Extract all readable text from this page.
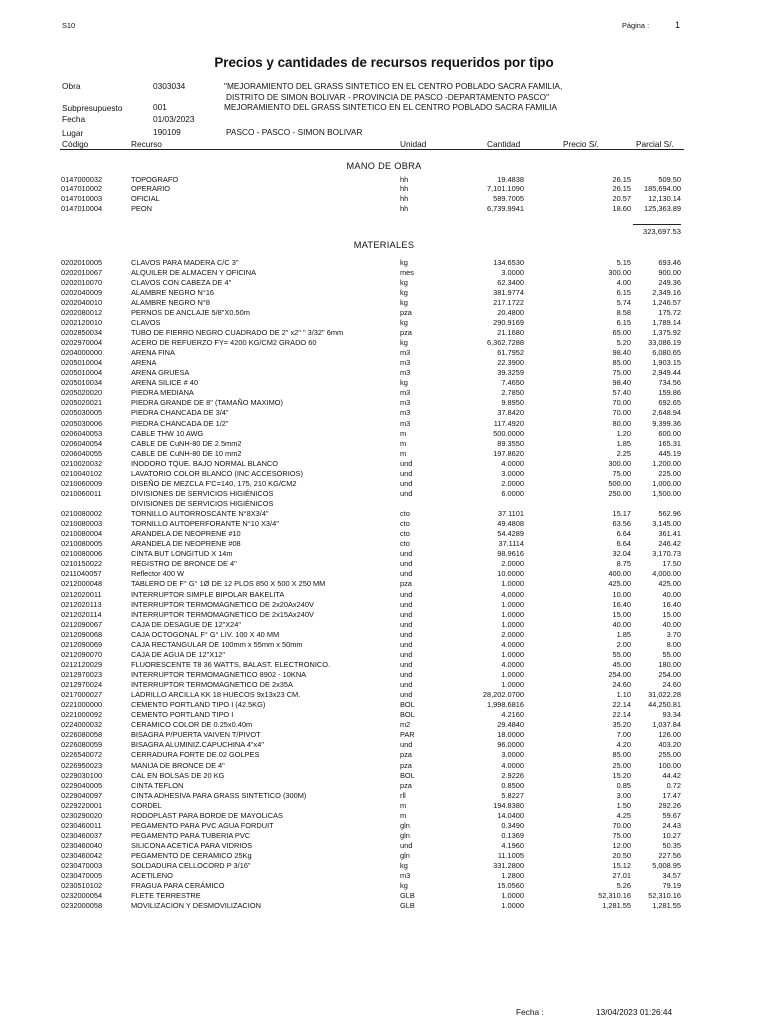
S10	Página :	1
Precios y cantidades de recursos requeridos por tipo
Obra	0303034	"MEJORAMIENTO DEL GRASS SINTETICO EN EL CENTRO POBLADO SACRA FAMILIA,
DISTRITO DE SIMON BOLIVAR - PROVINCIA DE PASCO -DEPARTAMENTO PASCO"
Subpresupuesto	001	MEJORAMIENTO DEL GRASS SINTETICO EN EL CENTRO POBLADO SACRA FAMILIA
Fecha	01/03/2023
Lugar	190109	PASCO - PASCO - SIMON BOLIVAR
Código	Recurso	Unidad	Cantidad	Precio S/.	Parcial S/.
MANO DE OBRA
0147000032	TOPOGRAFO	hh	19.4838	26.15	509.50
0147010002	OPERARIO	hh	7,101.1090	26.15 185,694.00
0147010003	OFICIAL	hh	589.7005	20.57 12,130.14
0147010004	PEON	hh	6,739.9941	18.60 125,363.89
323,697.53
MATERIALES
0202010005	CLAVOS PARA MADERA C/C 3"	kg	134.6530	5.15	693.46
0202010067	ALQUILER DE ALMACEN Y OFICINA	mes	3.0000	300.00	900.00
0202010070	CLAVOS CON CABEZA DE 4"	kg	62.3400	4.00	249.36
0202040009	ALAMBRE NEGRO N°16	kg	381.9774	6.15	2,349.16
0202040010	ALAMBRE NEGRO N°8	kg	217.1722	5.74	1,246.57
0202080012	PERNOS DE ANCLAJE 5/8"X0.50m	pza	20.4800	8.58	175.72
0202120010	CLAVOS	kg	290.9169	6.15	1,789.14
0202850034	TUBO DE FIERRO NEGRO CUADRADO DE 2" x2" " 3/32" 6mm	pza	21.1680	65.00	1,375.92
0202970004	ACERO DE REFUERZO FY= 4200 KG/CM2 GRADO 60	kg	6,362.7288	5.20 33,086.19
0204000000	ARENA FINA	m3	61.7952	98.40	6,080.65
0205010004	ARENA	m3	22.3900	85.00	1,903.15
0205010004	ARENA GRUESA	m3	39.3259	75.00	2,949.44
0205010034	ARENA SILICE # 40	kg	7.4650	98.40	734.56
0205020020	PIEDRA MEDIANA	m3	2.7850	57.40	159.86
0205020021	PIEDRA GRANDE DE 8" (TAMAÑO MAXIMO)	m3	9.8950	70.00	692.65
0205030005	PIEDRA CHANCADA DE 3/4"	m3	37.8420	70.00	2,648.94
0205030006	PIEDRA CHANCADA DE 1/2"	m3	117.4920	80.00	9,399.36
0206040053	CABLE THW 10 AWG	m	500.0000	1.20	600.00
0206040054	CABLE DE CuNH-80 DE 2.5mm2	m	89.3550	1.85	165.31
0206040055	CABLE DE CuNH-80 DE 10 mm2	m	197.8620	2.25	445.19
0210020032	INODORO TQUE. BAJO NORMAL BLANCO	und	4.0000	300.00	1,200.00
0210040102	LAVATORIO COLOR BLANCO (INC ACCESORIOS)	und	3.0000	75.00	225.00
0210060009	DISEÑO DE MEZCLA F'C=140, 175, 210 KG/CM2	und	2.0000	500.00	1,000.00
0210060011	DIVISIONES DE SERVICIOS HIGIÉNICOS	und	6.0000	250.00	1,500.00
DIVISIONES DE SERVICIOS HIGIÉNICOS
0210080002	TORNILLO AUTORROSCANTE N°8X3/4"	cto	37.1101	15.17	562.96
0210080003	TORNILLO AUTOPERFORANTE N°10 X3/4"	cto	49.4808	63.56	3,145.00
0210080004	ARANDELA DE NEOPRENE #10	cto	54.4289	6.64	361.41
0210080005	ARANDELA DE NEOPRENE #08	cto	37.1114	6.64	246.42
0210080006	CINTA BUT LONGITUD X 14m	und	98.9616	32.04	3,170.73
0210150022	REGISTRO DE BRONCE DE 4"	und	2.0000	8.75	17.50
0211040057	Reflector 400 W	und	10.0000	400.00	4,000.00
0212000048	TABLERO DE F° G° 1Ø DE 12 PLOS 850 X 500 X 250 MM	pza	1.0000	425.00	425.00
0212020011	INTERRUPTOR SIMPLE BIPOLAR BAKELITA	und	4.0000	10.00	40.00
0212020113	INTERRUPTOR TERMOMAGNETICO DE 2x20Ax240V	und	1.0000	16.40	16.40
0212020114	INTERRUPTOR TERMOMAGNETICO DE 2x15Ax240V	und	1.0000	15.00	15.00
0212090067	CAJA DE DESAGUE DE 12"X24"	und	1.0000	40.00	40.00
0212090068	CAJA OCTOGONAL F° G° LIV. 100 X 40 MM	und	2.0000	1.85	3.70
0212090069	CAJA RECTANGULAR DE 100mm x 55mm x 50mm	und	4.0000	2.00	8.00
0212090070	CAJA DE AGUA DE 12"X12"	und	1.0000	55.00	55.00
0212120029	FLUORESCENTE T8 36 WATTS, BALAST. ELECTRONICO.	und	4.0000	45.00	180.00
0212970023	INTERRUPTOR TERMOMAGNETICO 8902 - 10KNA	und	1.0000	254.00	254.00
0212970024	INTERRUPTOR TERMOMAGNETICO DE 2x35A	und	1.0000	24.60	24.60
0217000027	LADRILLO ARCILLA KK 18 HUECOS 9x13x23 CM.	und	28,202.0700	1.10 31,022.28
0221000000	CEMENTO PORTLAND TIPO I (42.5KG)	BOL	1,998.6816	22.14 44,250.81
0221000092	CEMENTO PORTLAND TIPO I	BOL	4.2160	22.14	93.34
0224000032	CERAMICO COLOR DE 0.25x0.40m	m2	29.4840	35.20	1,037.84
0226080058	BISAGRA P/PUERTA VAIVEN T/PIVOT	PAR	18.0000	7.00	126.00
0226080059	BISAGRA ALUMINIZ.CAPUCHINA 4"x4"	und	96.0000	4.20	403.20
0226540072	CERRADURA FORTE DE 02 GOLPES	pza	3.0000	85.00	255.00
0226950023	MANIJA DE BRONCE DE 4"	pza	4.0000	25.00	100.00
0229030100	CAL EN BOLSAS DE 20 KG	BOL	2.9226	15.20	44.42
0229040005	CINTA TEFLON	pza	0.8500	0.85	0.72
0229040097	CINTA ADHESIVA PARA GRASS SINTETICO (300M)	rll	5.8227	3.00	17.47
0229220001	CORDEL	m	194.8380	1.50	292.26
0230290020	RODOPLAST PARA BORDE DE MAYOLICAS	m	14.0400	4.25	59.67
0230460011	PEGAMENTO PARA PVC AGUA FORDUIT	gln	0.3490	70.00	24.43
0230460037	PEGAMENTO PARA TUBERIA PVC	gln	0.1369	75.00	10.27
0230460040	SILICONA ACETICA PARA VIDRIOS	und	4.1960	12.00	50.35
0230460042	PEGAMENTO DE CERAMICO 25Kg	gln	11.1005	20.50	227.56
0230470003	SOLDADURA CELLOCORD P 3/16"	kg	331.2800	15.12	5,008.95
0230470005	ACETILENO	m3	1.2800	27.01	34.57
0230510102	FRAGUA PARA CERÁMICO	kg	15.0560	5.26	79.19
0232000054	FLETE TERRESTRE	GLB	1.0000	52,310.16 52,310.16
0232000058	MOVILIZACION Y DESMOVILIZACION	GLB	1.0000	1,281.55	1,281.55
Fecha :	13/04/2023 01:26:44
